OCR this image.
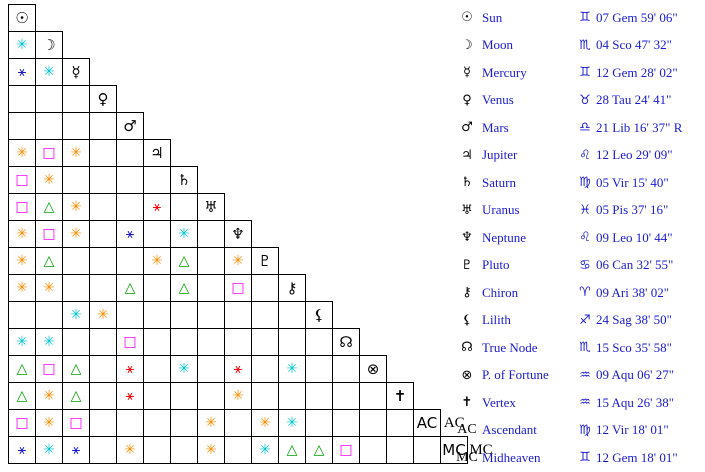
☉																	

✳	☽																

⚹	✳	☿															
			♀														
				♂													

✳	□	✳			♃												

□	✳					♄											

□	△	✳			⚹		♅										

✳	□	✳		⚹		✳		♆									

✳	△				✳	△		✳	♇								

✳	✳			△		△		□		⚷							

		✳	✳								⚸						

✳	✳			□								☊					

△	□	△		⚹		✳		⚹		✳			⊗				

△	✳	△		⚹				✳						✝			

□	✳	□					✳		✳	✳					AC	AC	

⚹	✳	⚹		✳			✳		✳	△	△	□				MC	MC
☉	Sun	♊	07 Gem 59' 06"
☽	Moon	♏	04 Sco 47' 32"
☿	Mercury	♊	12 Gem 28' 02"
♀	Venus	♉	28 Tau 24' 41"
♂	Mars	♎	21 Lib 16' 37" R
♃	Jupiter	♌	12 Leo 29' 09"
♄	Saturn	♍	05 Vir 15' 40"
♅	Uranus	♓	05 Pis 37' 16"
♆	Neptune	♌	09 Leo 10' 44"
♇	Pluto	♋	06 Can 32' 55"
⚷	Chiron	♈	09 Ari 38' 02"
⚸	Lilith	♐	24 Sag 38' 50"
☊	True Node	♏	15 Sco 35' 58"
⊗	P. of Fortune	♒	09 Aqu 06' 27"
✝	Vertex	♒	15 Aqu 26' 38"
AC	Ascendant	♍	12 Vir 18' 01"
MC	Midheaven	♊	12 Gem 18' 01"
